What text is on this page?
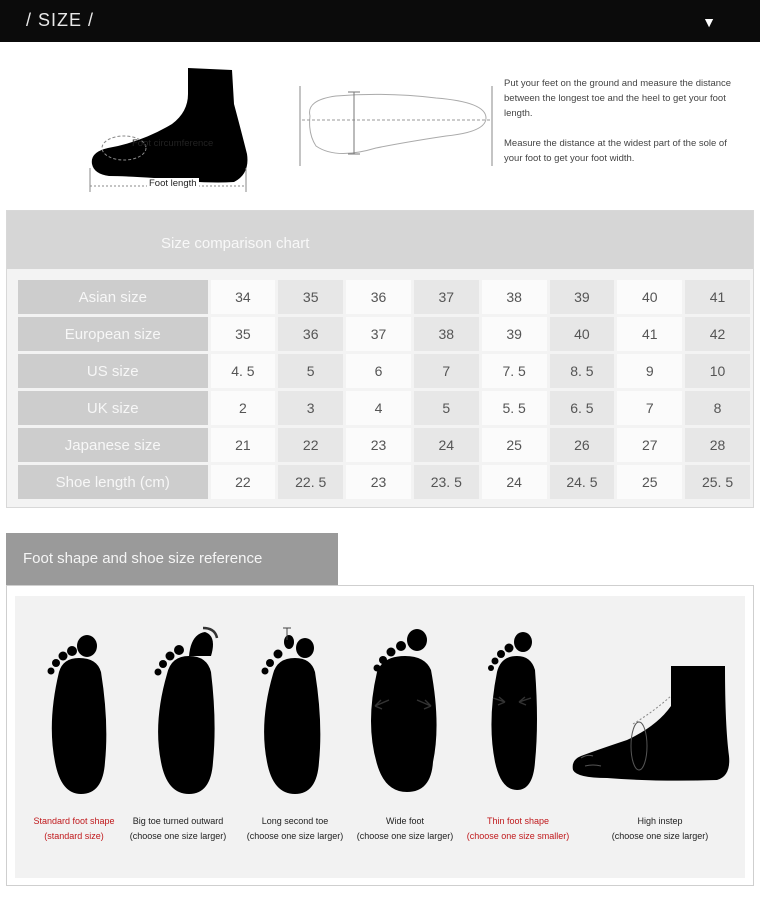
/ SIZE /	▼
Foot circumference
Foot length
Put your feet on the ground and measure the distance
between the longest toe and the heel to get your foot
length.
Measure the distance at the widest part of the sole of
your foot to get your foot width.
Size comparison chart
Asian size	34	35	36	37	38	39	40	41
European size	35	36	37	38	39	40	41	42
US size	4. 5	5	6	7	7. 5	8. 5	9	10
UK size	2	3	4	5	5. 5	6. 5	7	8
Japanese size	21	22	23	24	25	26	27	28
Shoe length (cm)	22	22. 5	23	23. 5	24	24. 5	25	25. 5
Foot shape and shoe size reference
Standard foot shape
(standard size)
Big toe turned outward
(choose one size larger)
Long second toe
(choose one size larger)
Wide foot
(choose one size larger)
Thin foot shape
(choose one size smaller)
High instep
(choose one size larger)
